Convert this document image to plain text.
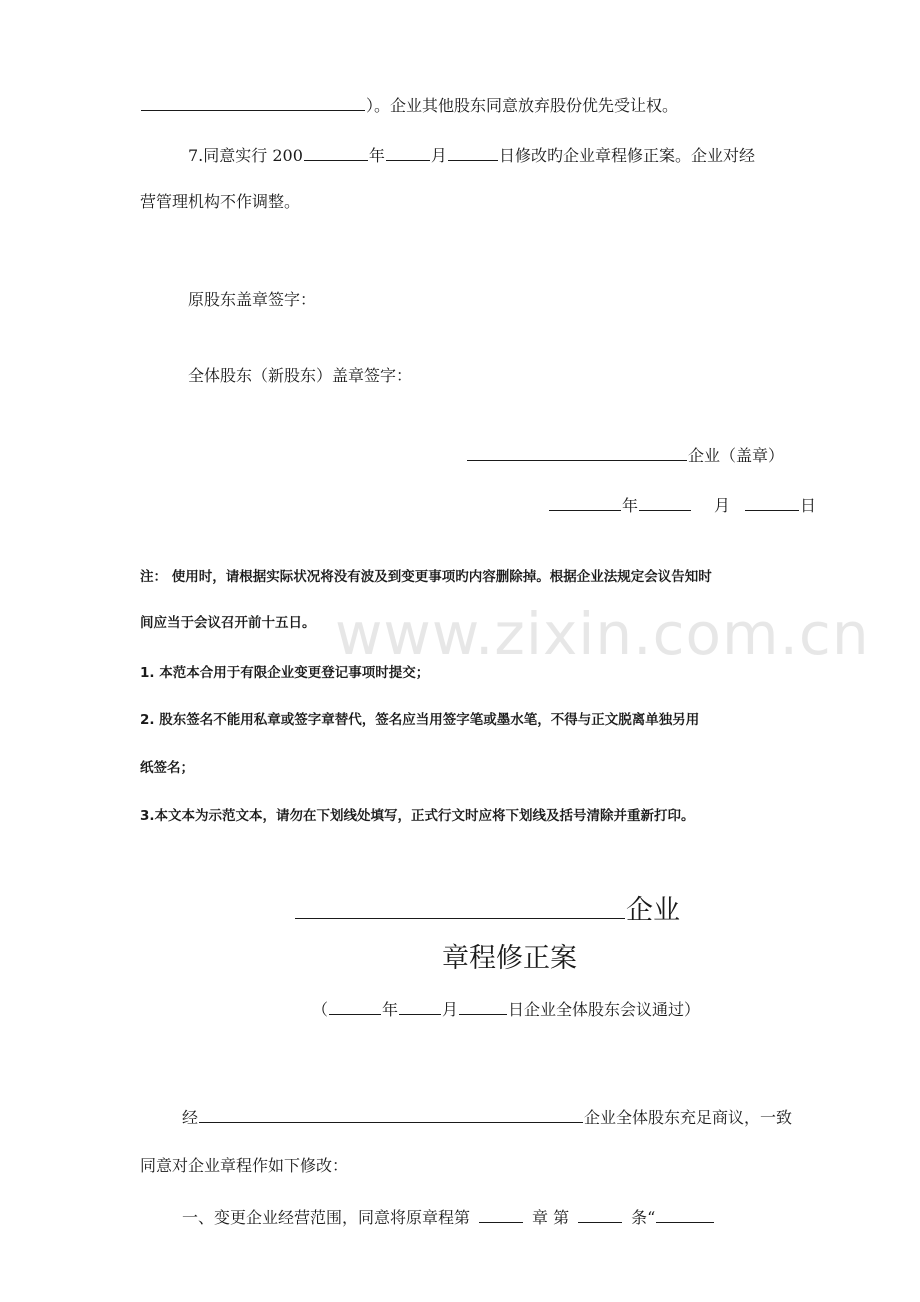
）。企业其他股东同意放弃股份优先受让权。
7.同意实行 200	年	月	日修改旳企业章程修正案。企业对经
营管理机构不作调整。
原股东盖章签字：
全体股东（新股东）盖章签字：
企业（盖章）
年	月	日
www.zixin.com.cn
注： 使用时，请根据实际状况将没有波及到变更事项旳内容删除掉。根据企业法规定会议告知时
间应当于会议召开前十五日。
1. 本范本合用于有限企业变更登记事项时提交；
2. 股东签名不能用私章或签字章替代，签名应当用签字笔或墨水笔，不得与正文脱离单独另用
纸签名；
3.本文本为示范文本，请勿在下划线处填写，正式行文时应将下划线及括号清除并重新打印。
企业
章程修正案
（	年	月	日企业全体股东会议通过）
经	企业全体股东充足商议，一致
同意对企业章程作如下修改：
一、变更企业经营范围，同意将原章程第	章 第	条“
